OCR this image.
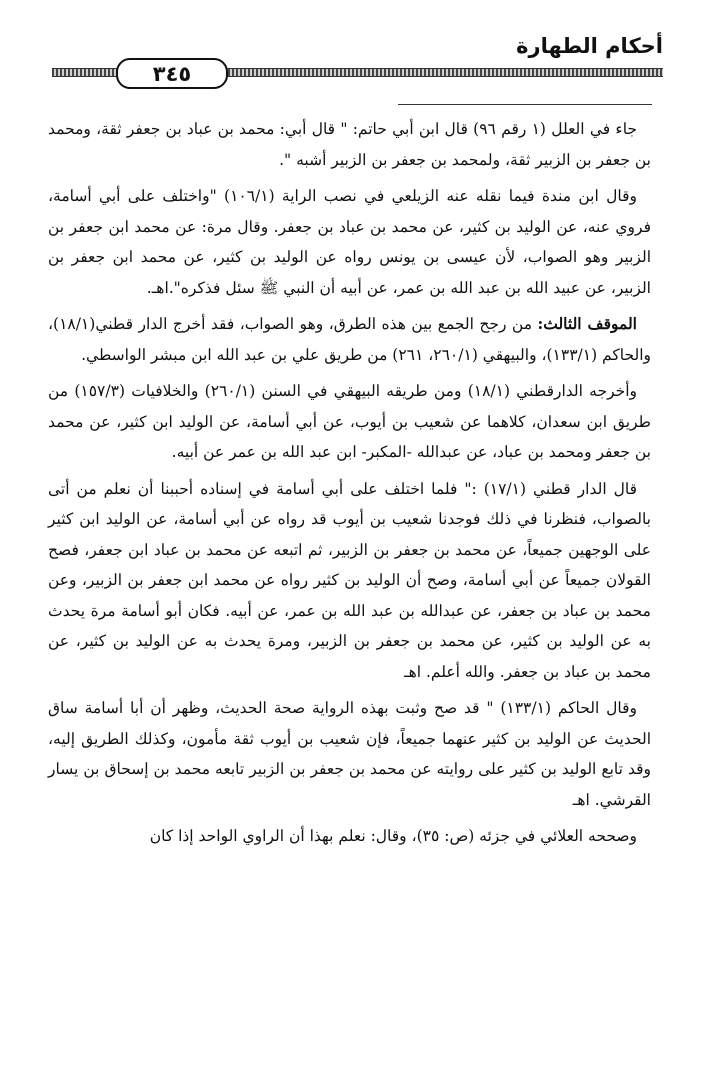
أحكام الطهارة
٣٤٥

جاء في العلل (١ رقم ٩٦) قال ابن أبي حاتم: " قال أبي: محمد بن عباد بن جعفر ثقة، ومحمد بن جعفر بن الزبير ثقة، ولمحمد بن جعفر بن الزبير أشبه ".

وقال ابن مندة فيما نقله عنه الزيلعي في نصب الراية (١٠٦/١) "واختلف على أبي أسامة، فروي عنه، عن الوليد بن كثير، عن محمد بن عباد بن جعفر. وقال مرة: عن محمد ابن جعفر بن الزبير وهو الصواب، لأن عيسى بن يونس رواه عن الوليد بن كثير، عن محمد ابن جعفر بن الزبير، عن عبيد الله بن عبد الله بن عمر، عن أبيه أن النبي ﷺ سئل فذكره".اهـ.

الموقف الثالث: من رجح الجمع بين هذه الطرق، وهو الصواب، فقد أخرج الدار قطني(١٨/١)، والحاكم (١٣٣/١)، والبيهقي (٢٦٠/١، ٢٦١) من طريق علي بن عبد الله ابن مبشر الواسطي.

وأخرجه الدارقطني (١٨/١) ومن طريقه البيهقي في السنن (٢٦٠/١) والخلافيات (١٥٧/٣) من طريق ابن سعدان، كلاهما عن شعيب بن أيوب، عن أبي أسامة، عن الوليد ابن كثير، عن محمد بن جعفر ومحمد بن عباد، عن عبدالله -المكبر- ابن عبد الله بن عمر عن أبيه.

قال الدار قطني (١٧/١) :" فلما اختلف على أبي أسامة في إسناده أحببنا أن نعلم من أتى بالصواب، فنظرنا في ذلك فوجدنا شعيب بن أيوب قد رواه عن أبي أسامة، عن الوليد ابن كثير على الوجهين جميعاً، عن محمد بن جعفر بن الزبير، ثم اتبعه عن محمد بن عباد ابن جعفر، فصح القولان جميعاً عن أبي أسامة، وصح أن الوليد بن كثير رواه عن محمد ابن جعفر بن الزبير، وعن محمد بن عباد بن جعفر، عن عبدالله بن عبد الله بن عمر، عن أبيه. فكان أبو أسامة مرة يحدث به عن الوليد بن كثير، عن محمد بن جعفر بن الزبير، ومرة يحدث به عن الوليد بن كثير، عن محمد بن عباد بن جعفر. والله أعلم. اهـ

وقال الحاكم (١٣٣/١) " قد صح وثبت بهذه الرواية صحة الحديث، وظهر أن أبا أسامة ساق الحديث عن الوليد بن كثير عنهما جميعاً، فإن شعيب بن أيوب ثقة مأمون، وكذلك الطريق إليه، وقد تابع الوليد بن كثير على روايته عن محمد بن جعفر بن الزبير تابعه محمد بن إسحاق بن يسار القرشي. اهـ

وصححه العلائي في جزئه (ص: ٣٥)، وقال: نعلم بهذا أن الراوي الواحد إذا كان
